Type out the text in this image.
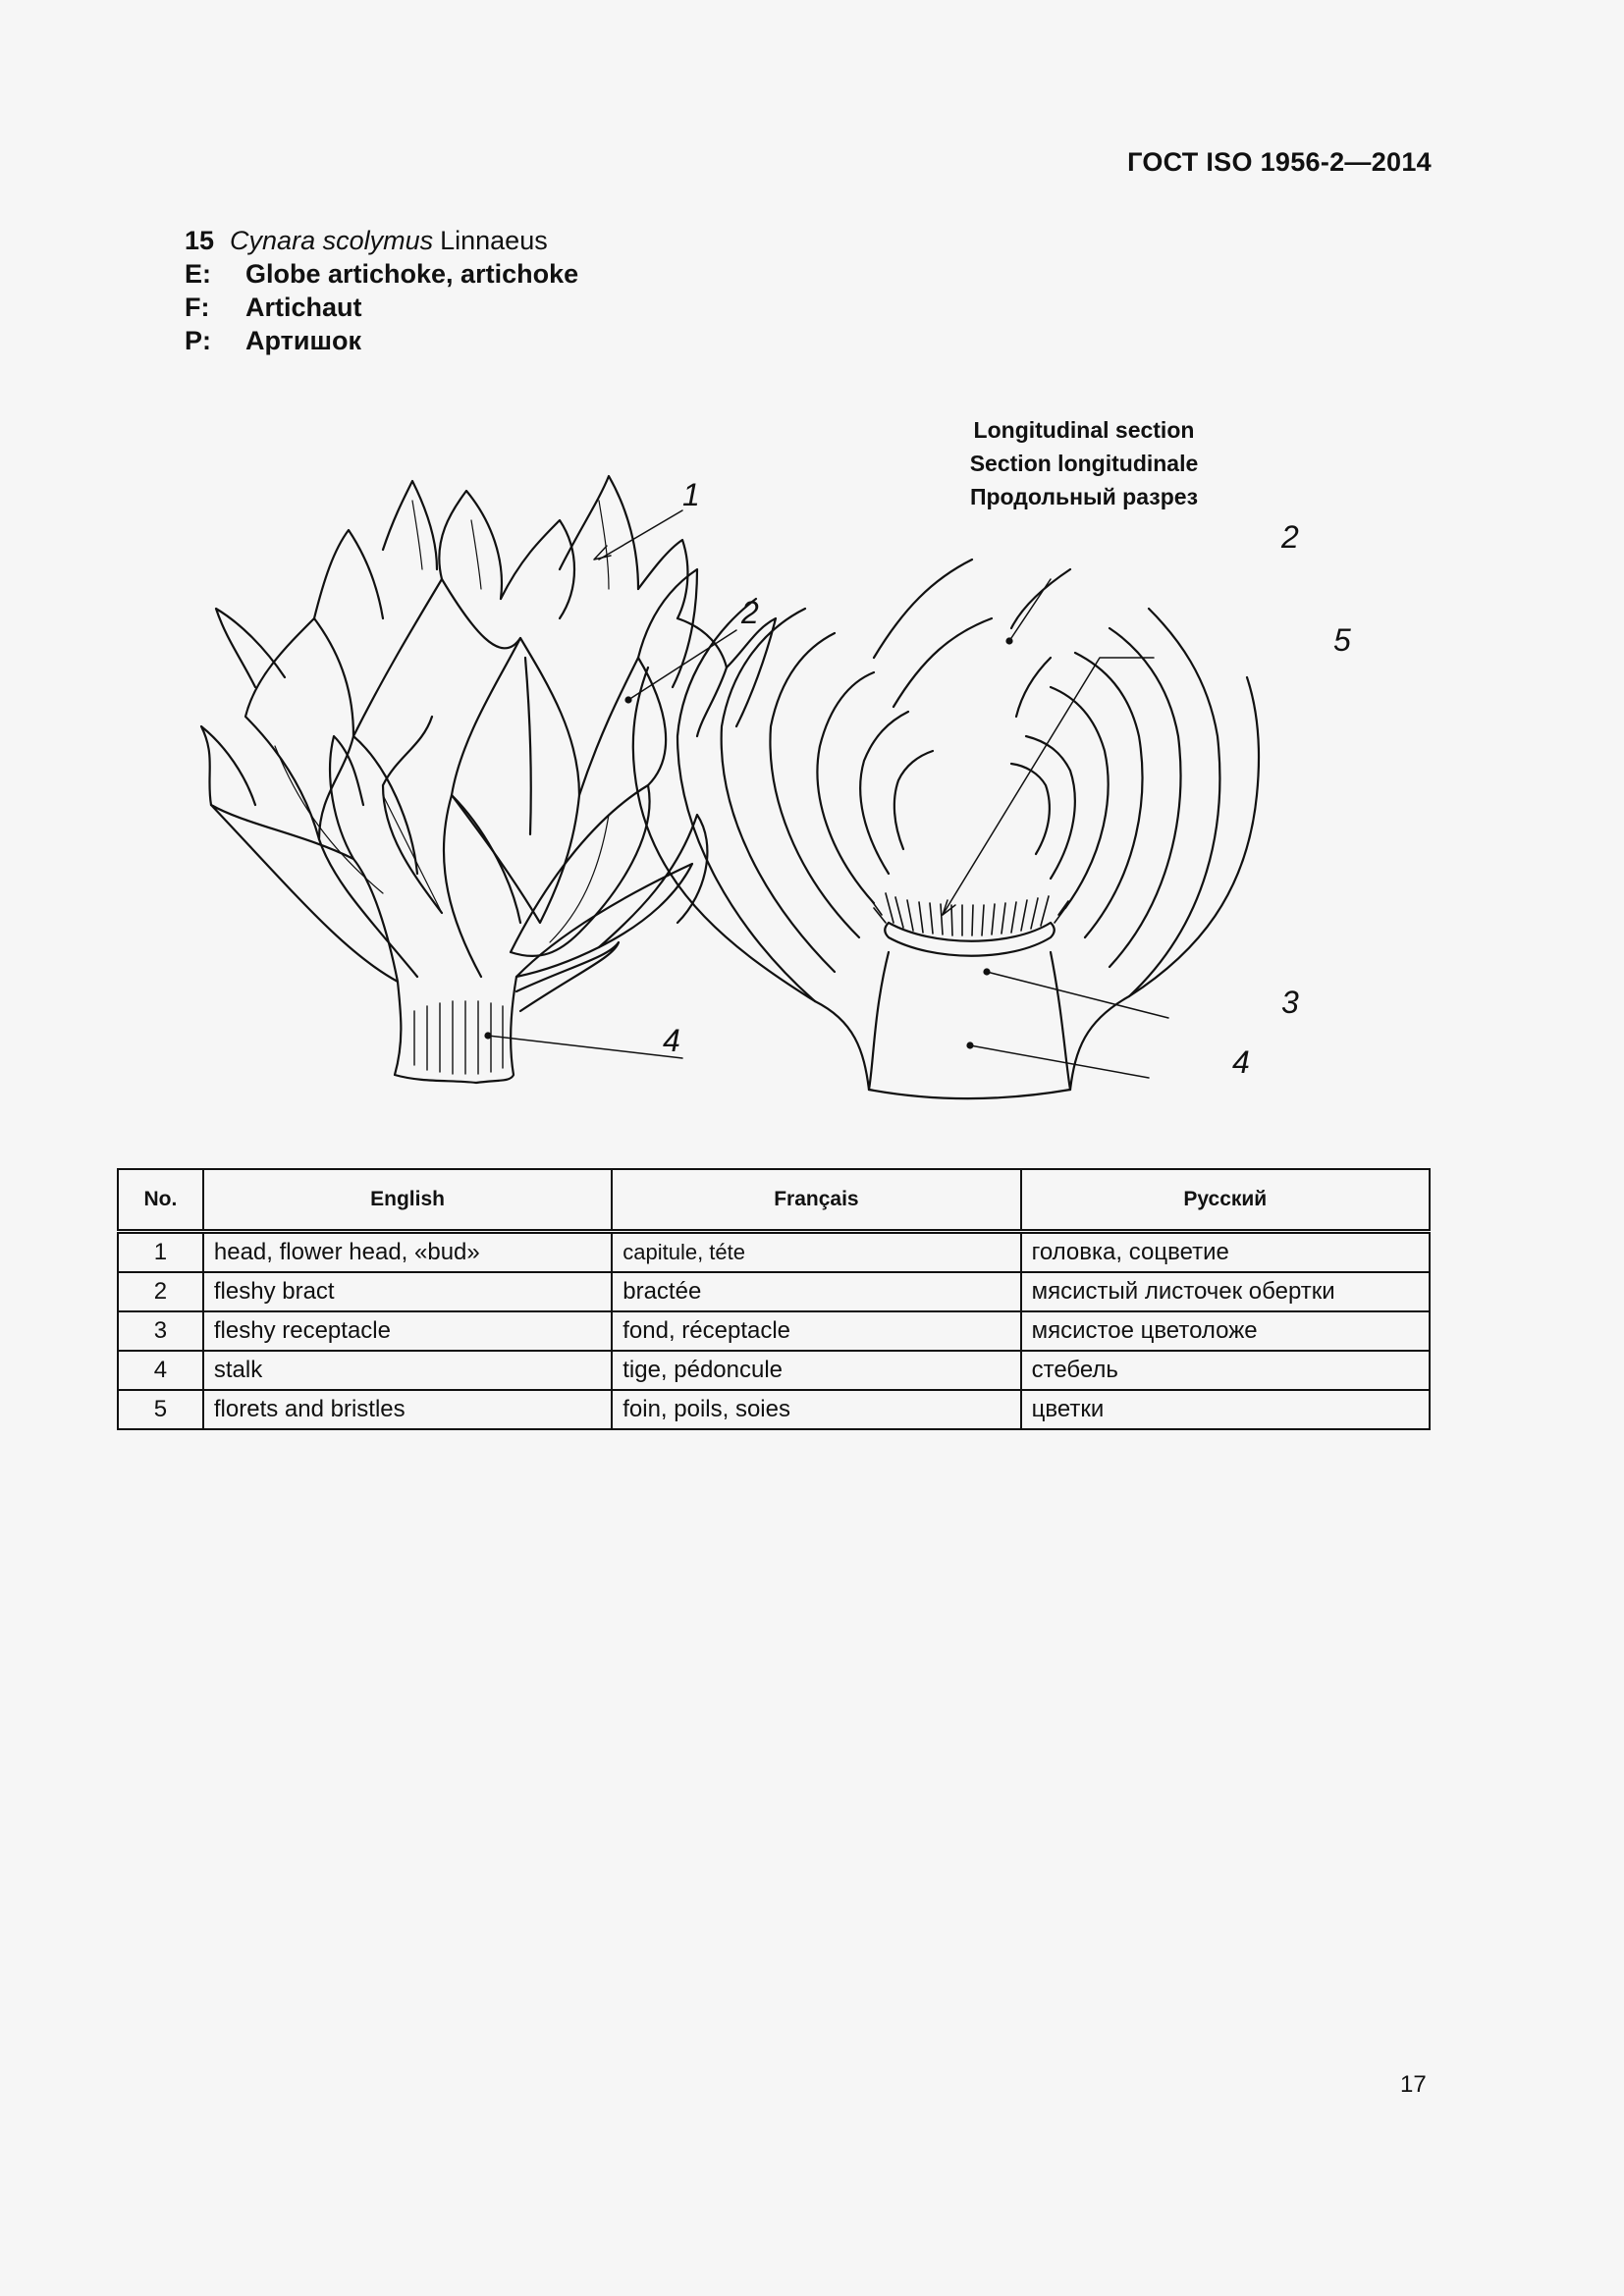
ГОСТ ISO 1956-2—2014
15 Cynara scolymus Linnaeus
E:	Globe artichoke, artichoke
F:	Artichaut
P:	Артишок
Longitudinal section
Section longitudinale
Продольный разрез
1
2
4
2
5
3
4
No.	English	Français	Русский
1	head, flower head, «bud»	capitule, téte	головка, соцветие
2	fleshy bract	bractée	мясистый листочек обертки
3	fleshy receptacle	fond, réceptacle	мясистое цветоложе
4	stalk	tige, pédoncule	стебель
5	florets and bristles	foin, poils, soies	цветки
17
